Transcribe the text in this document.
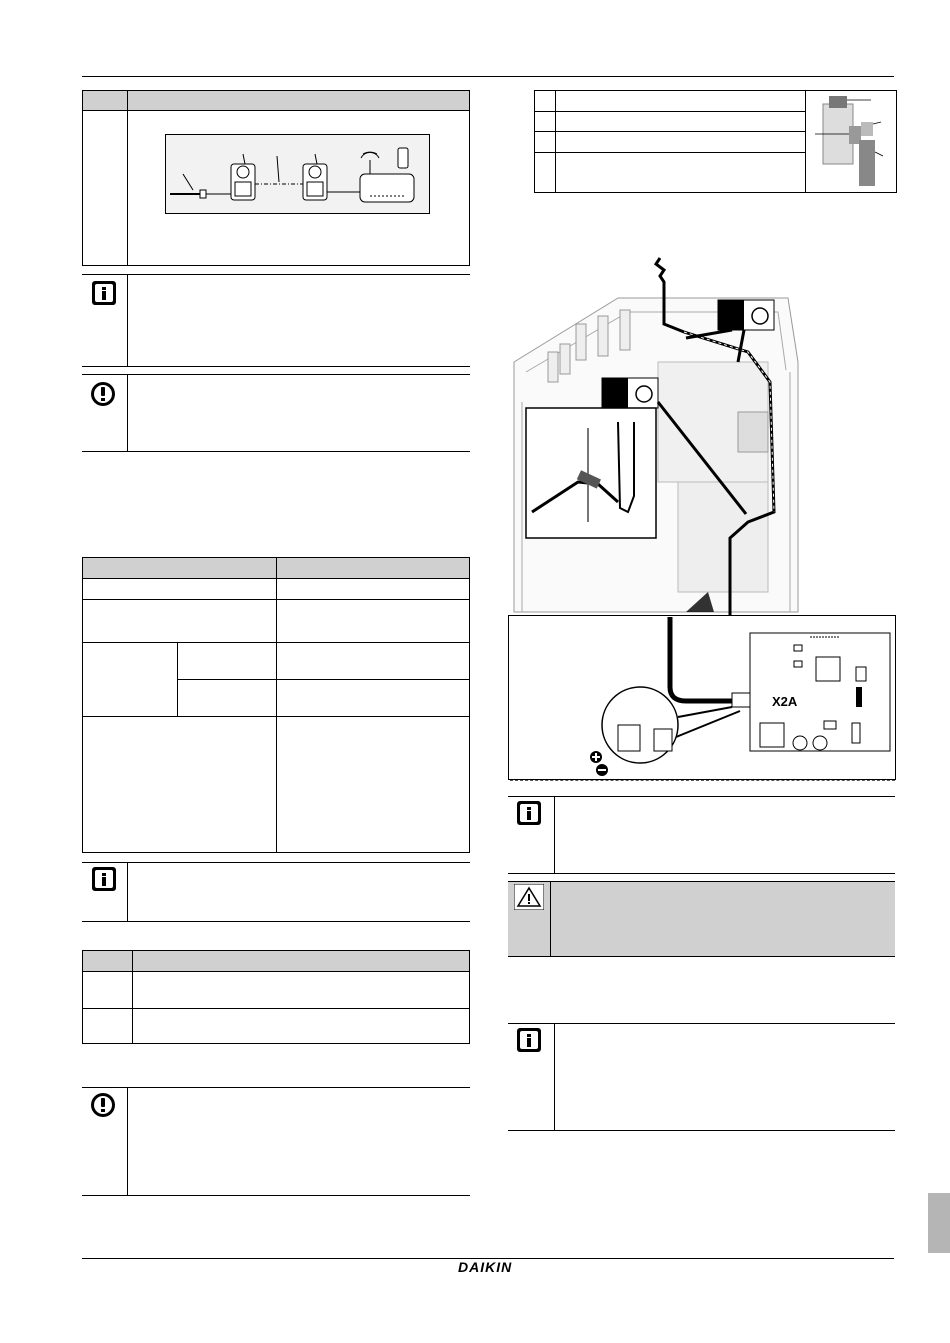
X2A
DAIKIN
